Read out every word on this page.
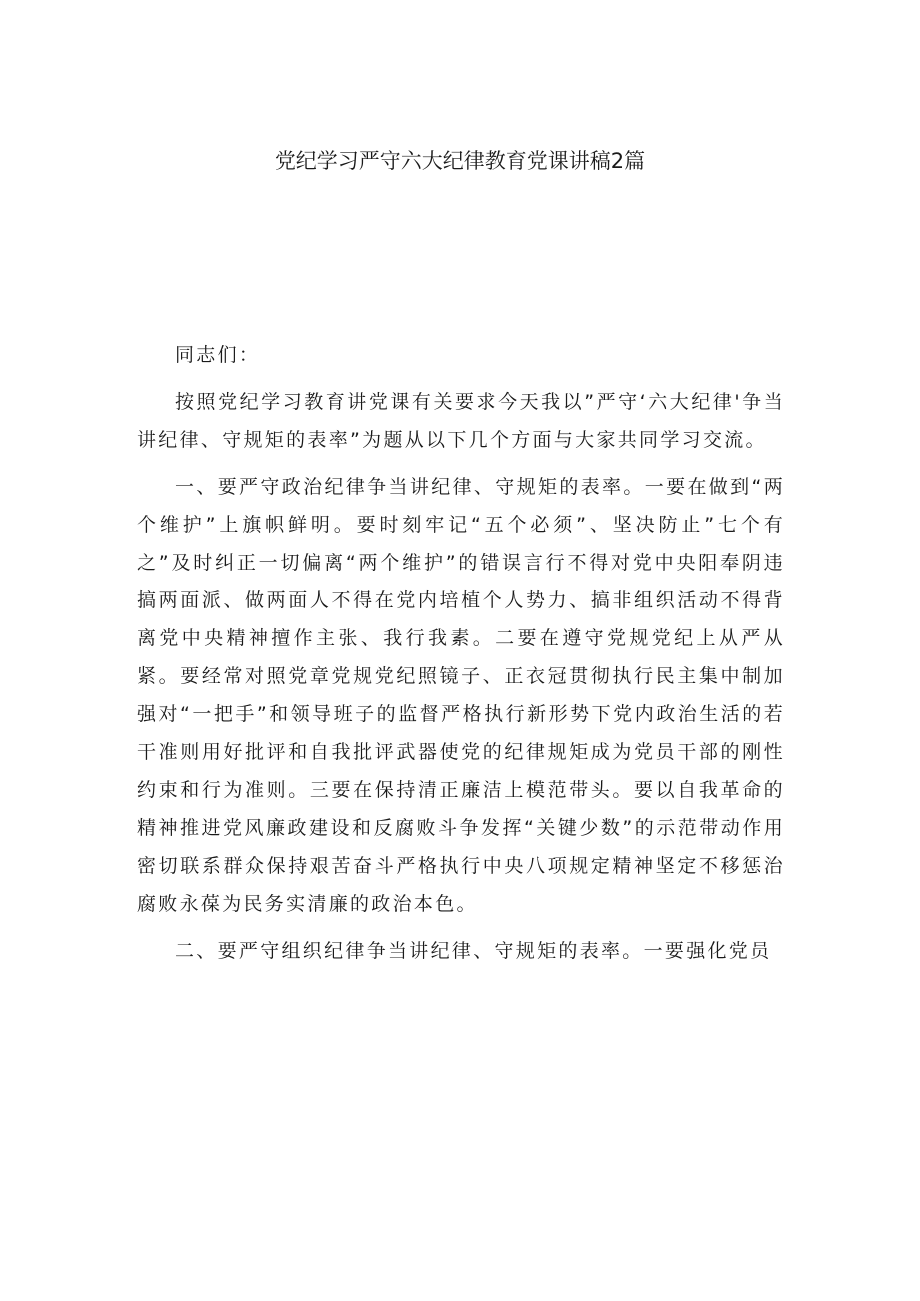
党纪学习严守六大纪律教育党课讲稿2篇

同志们：

按照党纪学习教育讲党课有关要求今天我以”严守‘六大纪律'争当讲纪律、守规矩的表率”为题从以下几个方面与大家共同学习交流。

一、要严守政治纪律争当讲纪律、守规矩的表率。一要在做到“两个维护”上旗帜鲜明。要时刻牢记“五个必须”、坚决防止”七个有之”及时纠正一切偏离“两个维护”的错误言行不得对党中央阳奉阴违搞两面派、做两面人不得在党内培植个人势力、搞非组织活动不得背离党中央精神擅作主张、我行我素。二要在遵守党规党纪上从严从紧。要经常对照党章党规党纪照镜子、正衣冠贯彻执行民主集中制加强对“一把手”和领导班子的监督严格执行新形势下党内政治生活的若干准则用好批评和自我批评武器使党的纪律规矩成为党员干部的刚性约束和行为准则。三要在保持清正廉洁上模范带头。要以自我革命的精神推进党风廉政建设和反腐败斗争发挥“关键少数”的示范带动作用密切联系群众保持艰苦奋斗严格执行中央八项规定精神坚定不移惩治腐败永葆为民务实清廉的政治本色。

二、要严守组织纪律争当讲纪律、守规矩的表率。一要强化党员
